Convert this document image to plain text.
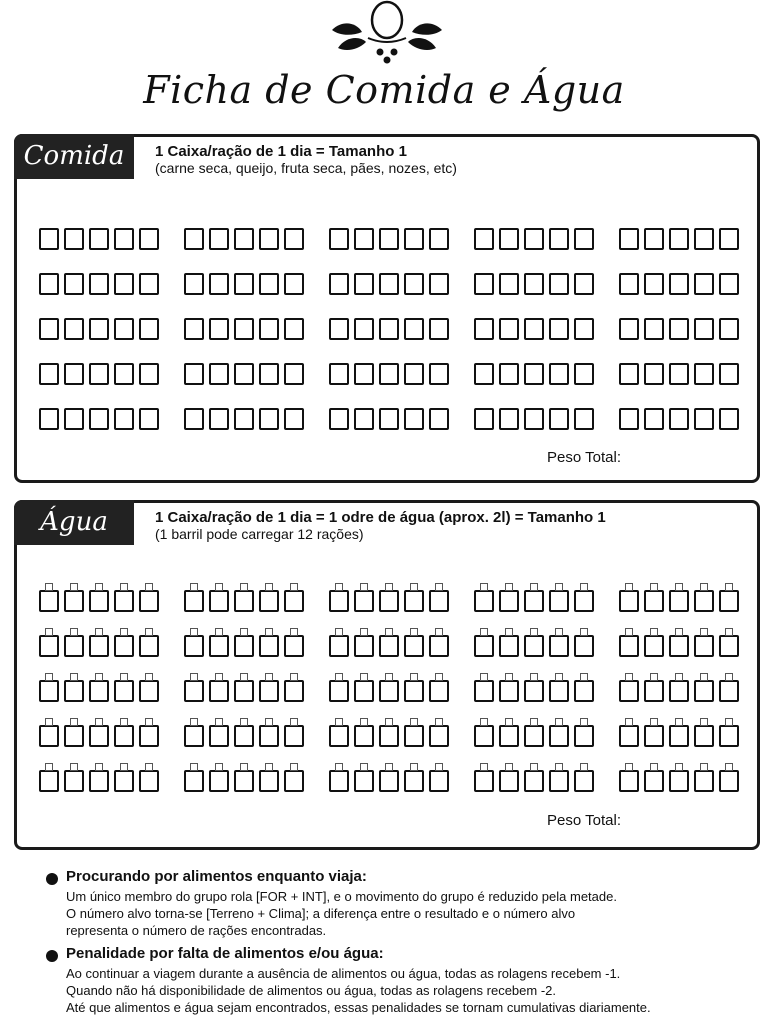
Ficha de Comida e Água
Comida	1 Caixa/ração de 1 dia = Tamanho 1
(carne seca, queijo, fruta seca, pães, nozes, etc)
Peso Total:
Água	1 Caixa/ração de 1 dia = 1 odre de água (aprox. 2l) = Tamanho 1
(1 barril pode carregar 12 rações)
Peso Total:
Procurando por alimentos enquanto viaja:

Um único membro do grupo rola [FOR + INT], e o movimento do grupo é reduzido pela metade.

O número alvo torna-se [Terreno + Clima]; a diferença entre o resultado e o número alvo

representa o número de rações encontradas.

Penalidade por falta de alimentos e/ou água:

Ao continuar a viagem durante a ausência de alimentos ou água, todas as rolagens recebem -1.

Quando não há disponibilidade de alimentos ou água, todas as rolagens recebem -2.

Até que alimentos e água sejam encontrados, essas penalidades se tornam cumulativas diariamente.
